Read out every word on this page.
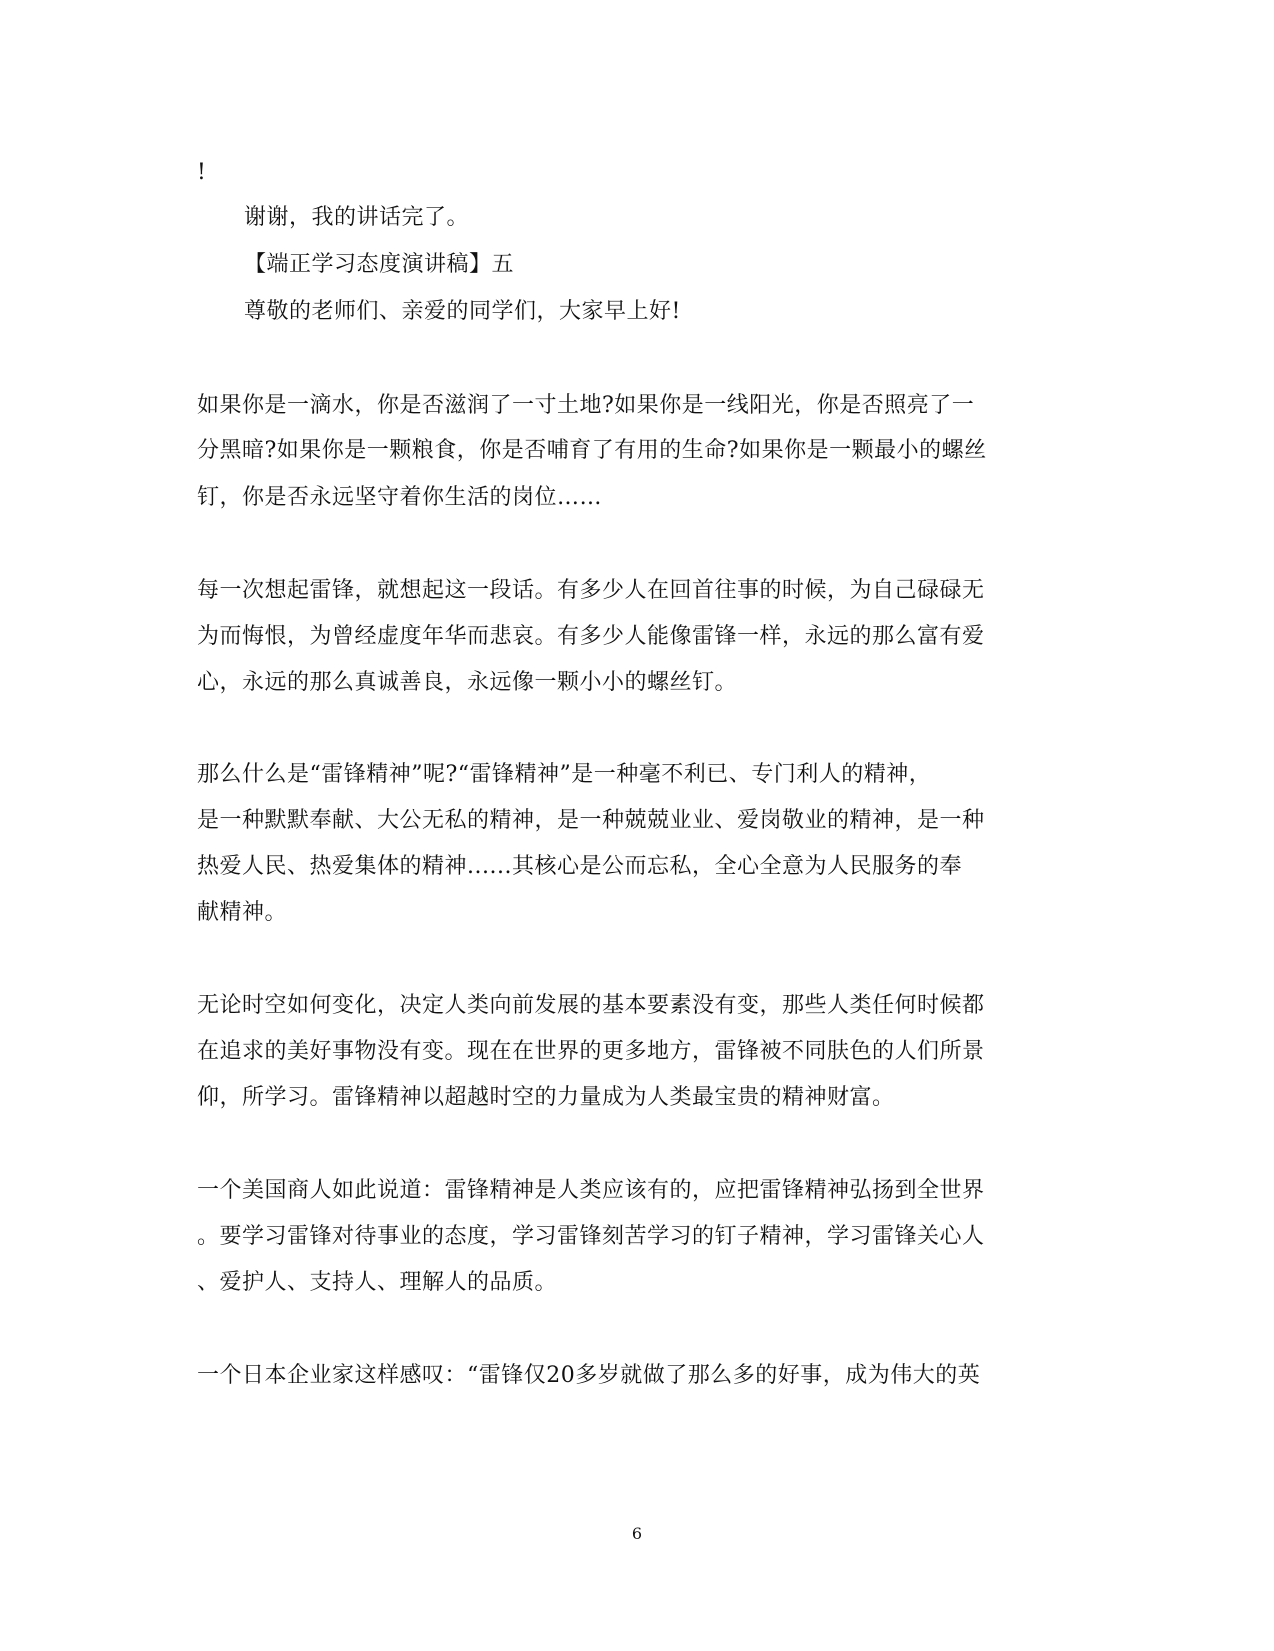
!
谢谢，我的讲话完了。
【端正学习态度演讲稿】五
尊敬的老师们、亲爱的同学们，大家早上好!
如果你是一滴水，你是否滋润了一寸土地?如果你是一线阳光，你是否照亮了一
分黑暗?如果你是一颗粮食，你是否哺育了有用的生命?如果你是一颗最小的螺丝
钉，你是否永远坚守着你生活的岗位……
每一次想起雷锋，就想起这一段话。有多少人在回首往事的时候，为自己碌碌无
为而悔恨，为曾经虚度年华而悲哀。有多少人能像雷锋一样，永远的那么富有爱
心，永远的那么真诚善良，永远像一颗小小的螺丝钉。
那么什么是“雷锋精神”呢?“雷锋精神”是一种毫不利已、专门利人的精神，
是一种默默奉献、大公无私的精神，是一种兢兢业业、爱岗敬业的精神，是一种
热爱人民、热爱集体的精神......其核心是公而忘私，全心全意为人民服务的奉
献精神。
无论时空如何变化，决定人类向前发展的基本要素没有变，那些人类任何时候都
在追求的美好事物没有变。现在在世界的更多地方，雷锋被不同肤色的人们所景
仰，所学习。雷锋精神以超越时空的力量成为人类最宝贵的精神财富。
一个美国商人如此说道：雷锋精神是人类应该有的，应把雷锋精神弘扬到全世界
。要学习雷锋对待事业的态度，学习雷锋刻苦学习的钉子精神，学习雷锋关心人
、爱护人、支持人、理解人的品质。
一个日本企业家这样感叹：“雷锋仅20多岁就做了那么多的好事，成为伟大的英
6
